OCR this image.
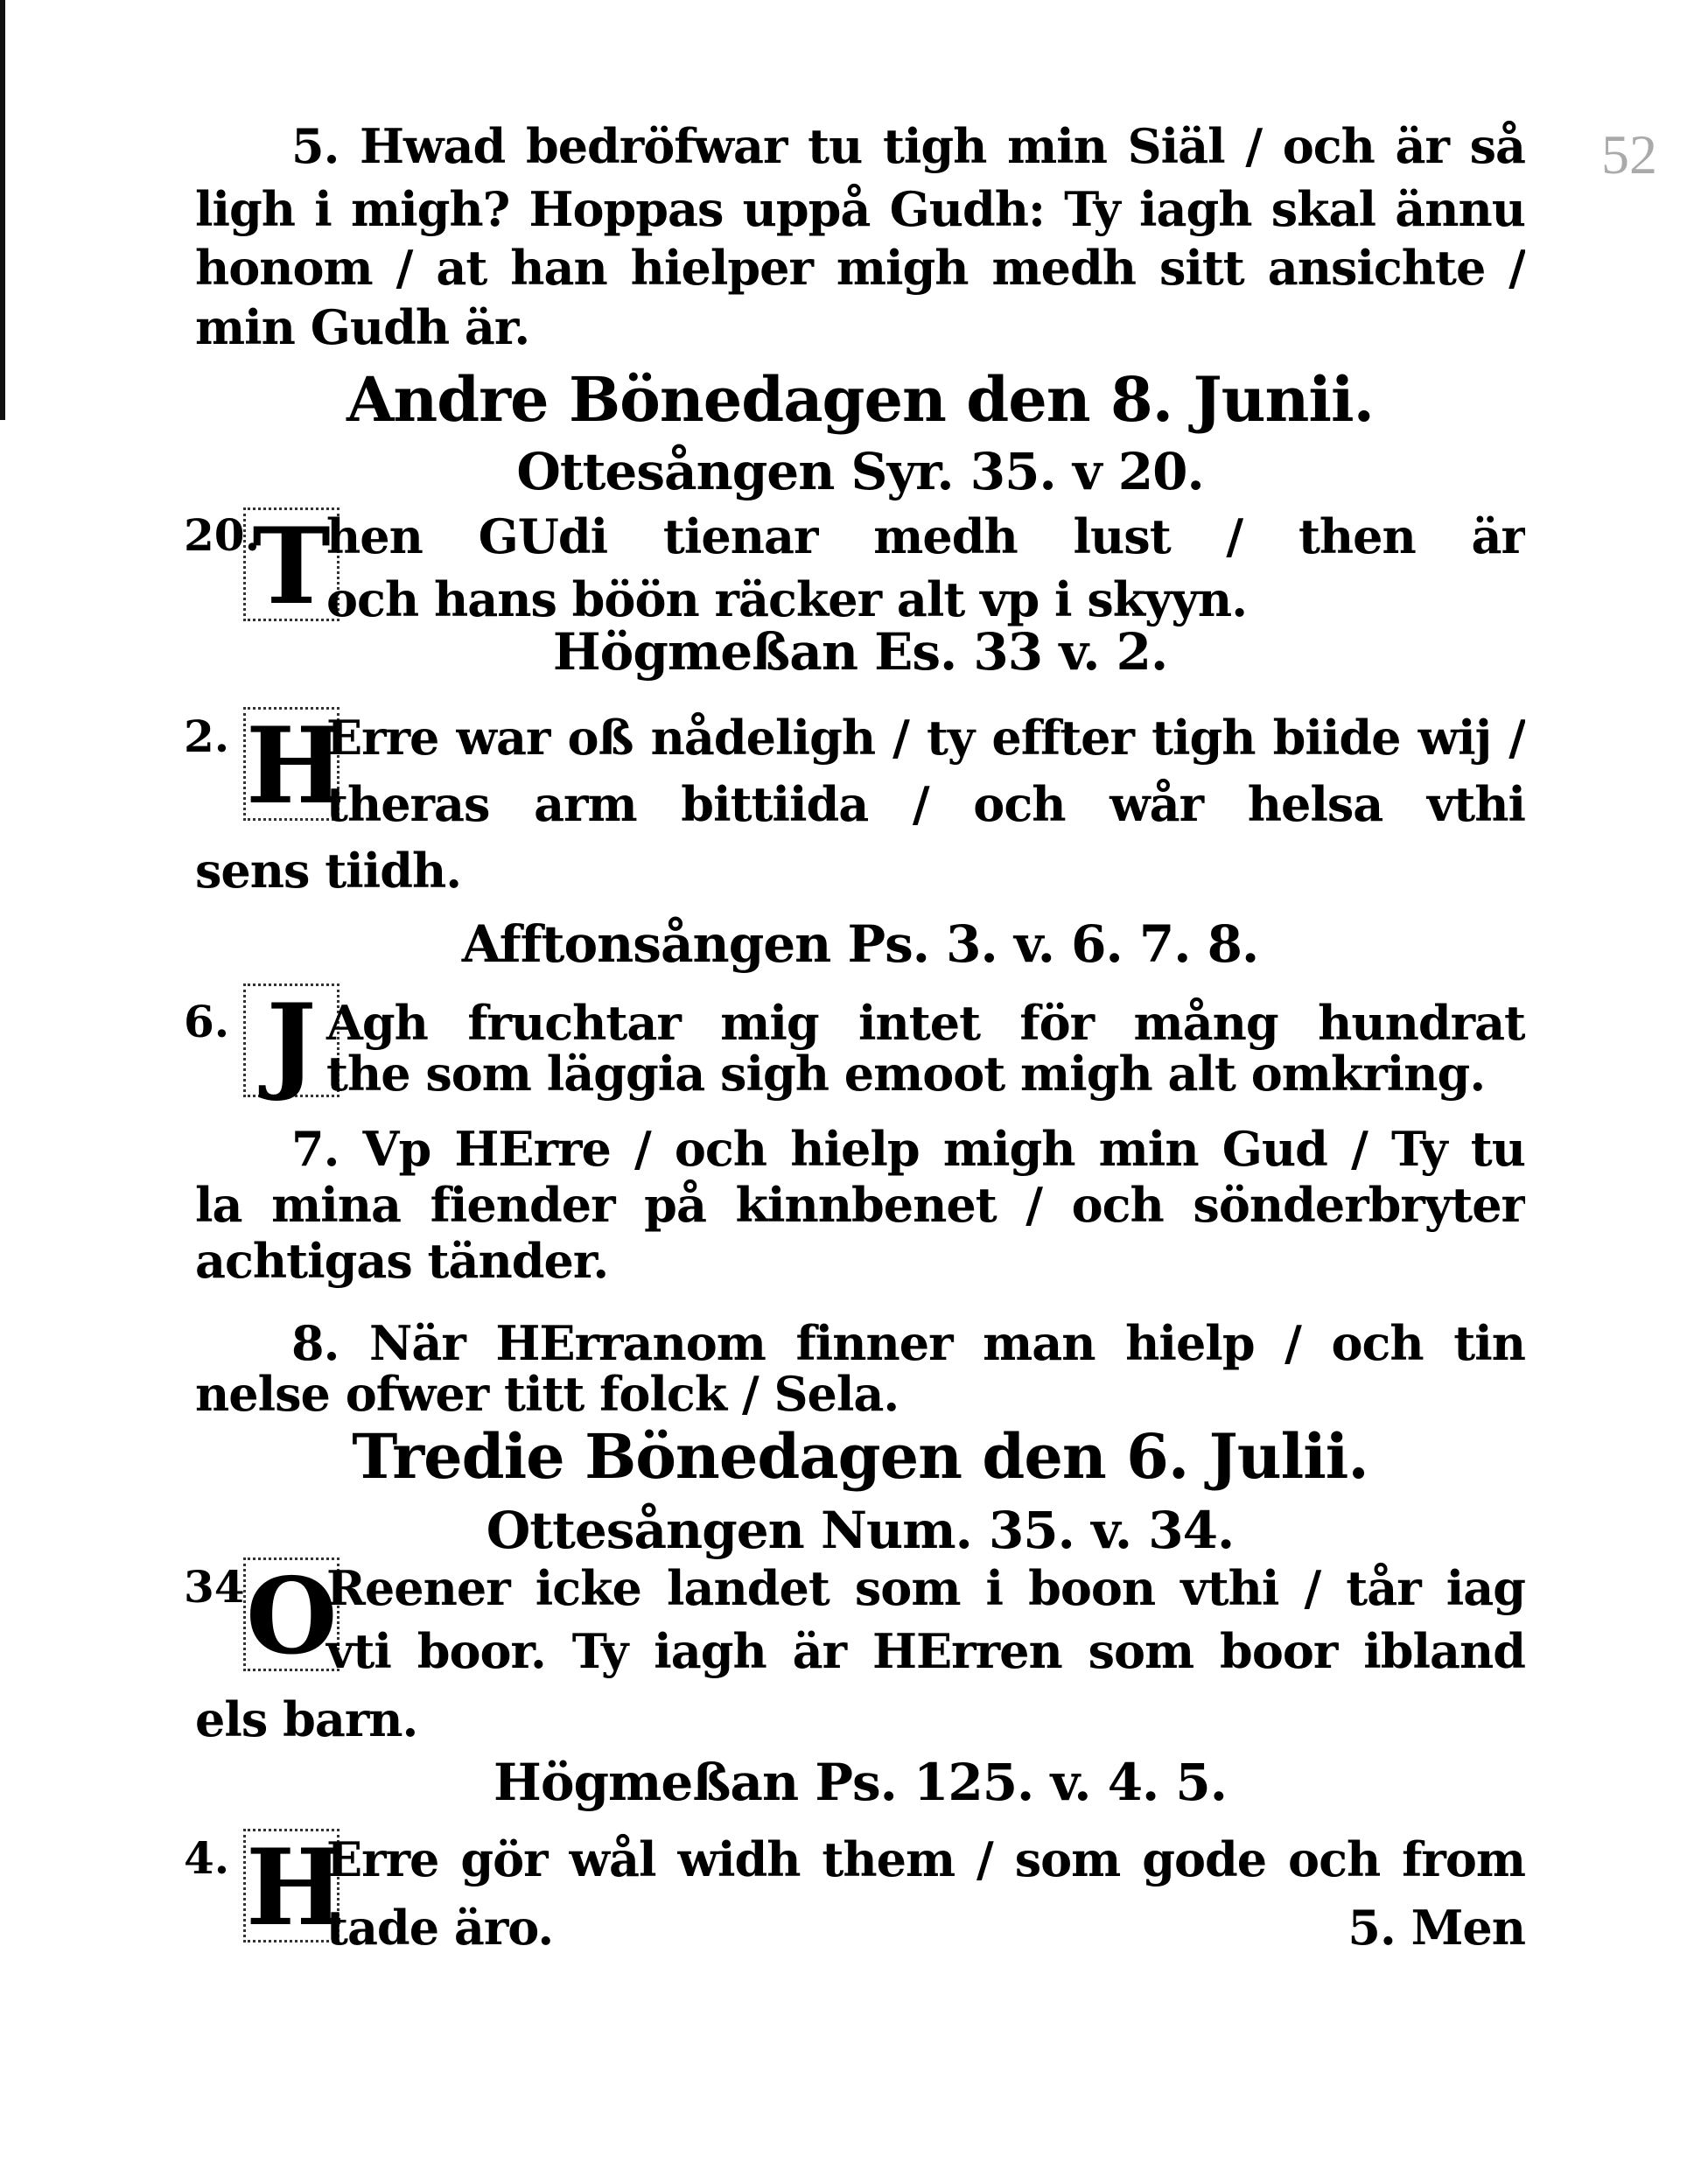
52
5. Hwad bedröfwar tu tigh min Siäl / och är så
ligh i migh? Hoppas uppå Gudh: Ty iagh skal ännu
honom / at han hielper migh medh sitt ansichte /
min Gudh är.
Andre Bönedagen den 8. Junii.
Ottesången Syr. 35. v 20.
20.
T
hen GUdi tienar medh lust / then är
och hans böön räcker alt vp i skyyn.
Högmeßan Es. 33 v. 2.
2. H
Erre war oß nådeligh / ty effter tigh biide wij /
theras arm bittiida / och wår helsa vthi
sens tiidh.
Afftonsången Ps. 3. v. 6. 7. 8.
6. J Agh fruchtar mig intet för mång hundrat
the som läggia sigh emoot migh alt omkring.
7. Vp HErre / och hielp migh min Gud / Ty tu
la mina fiender på kinnbenet / och sönderbryter
achtigas tänder.
8. När HErranom finner man hielp / och tin
nelse ofwer titt folck / Sela.
Tredie Bönedagen den 6. Julii.
Ottesången Num. 35. v. 34.
34 O
Reener icke landet som i boon vthi / tår iag
vti boor. Ty iagh är HErren som boor ibland
els barn.
Högmeßan Ps. 125. v. 4. 5.
4. H
Erre gör wål widh them / som gode och from
tade äro.	5. Men
